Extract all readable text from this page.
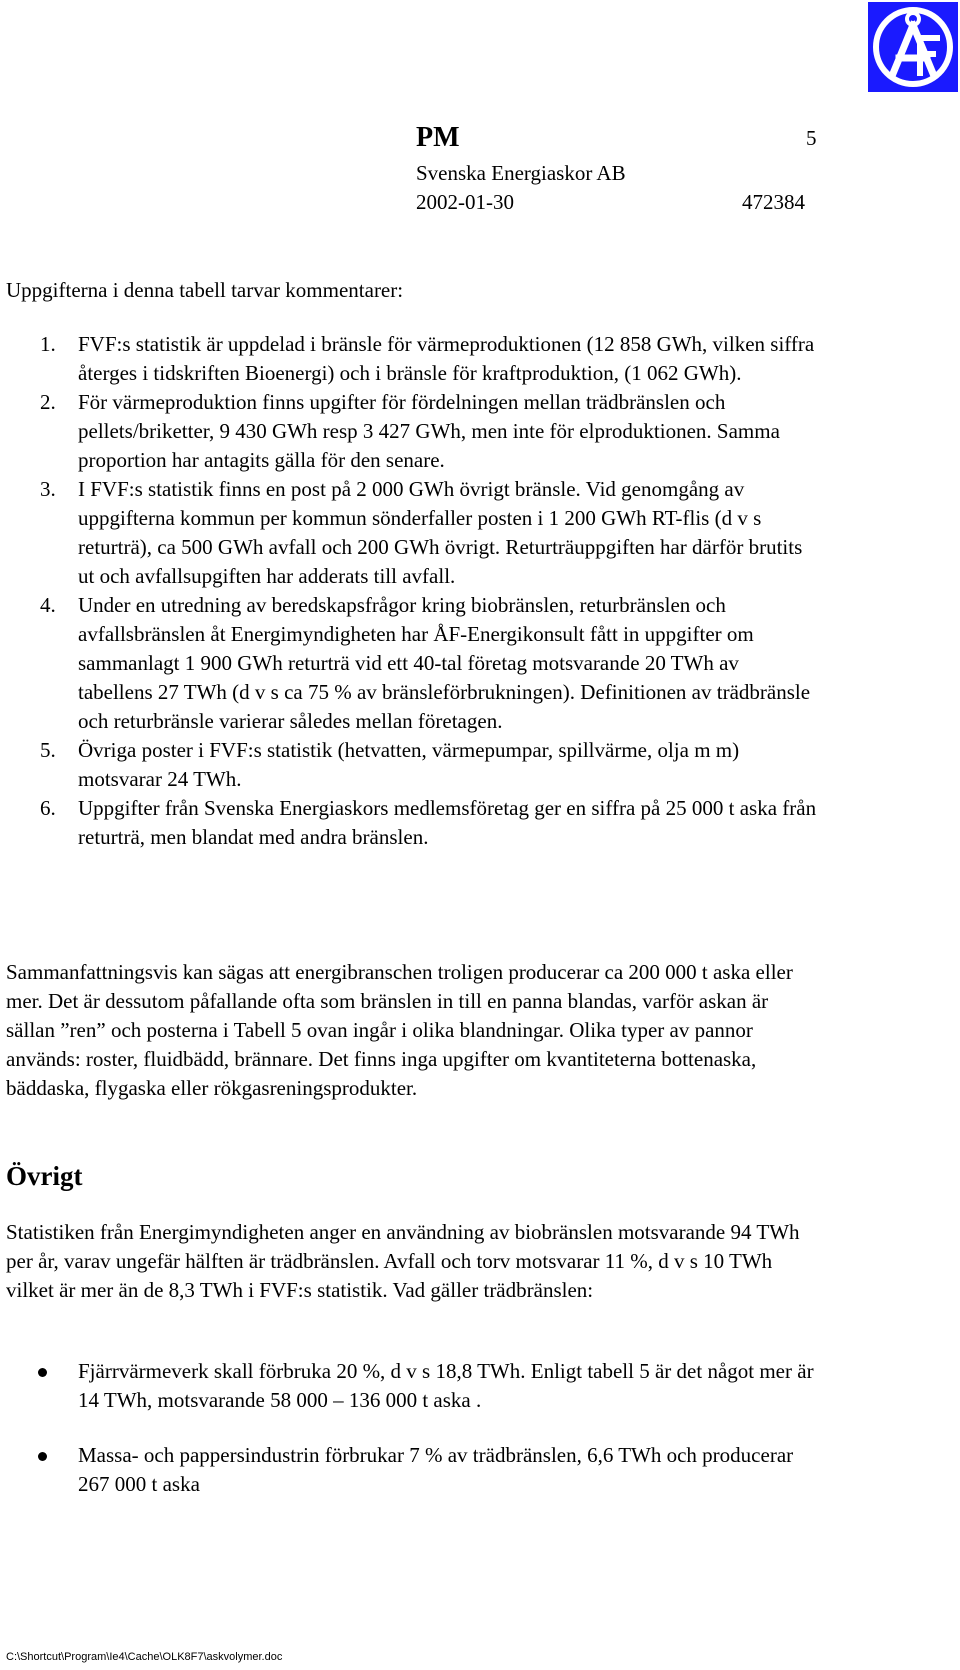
PM	5
Svenska Energiaskor AB
2002-01-30	472384

Uppgifterna i denna tabell tarvar kommentarer:

1. FVF:s statistik är uppdelad i bränsle för värmeproduktionen (12 858 GWh, vilken siffra återges i tidskriften Bioenergi) och i bränsle för kraftproduktion, (1 062 GWh).
2. För värmeproduktion finns upgifter för fördelningen mellan trädbränslen och pellets/briketter, 9 430 GWh resp 3 427 GWh, men inte för elproduktionen. Samma proportion har antagits gälla för den senare.
3. I FVF:s statistik finns en post på 2 000 GWh övrigt bränsle. Vid genomgång av uppgifterna kommun per kommun sönderfaller posten i 1 200 GWh RT-flis (d v s returträ), ca 500 GWh avfall och 200 GWh övrigt. Returträuppgiften har därför brutits ut och avfallsupgiften har adderats till avfall.
4. Under en utredning av beredskapsfrågor kring biobränslen, returbränslen och avfallsbränslen åt Energimyndigheten har ÅF-Energikonsult fått in uppgifter om sammanlagt 1 900 GWh returträ vid ett 40-tal företag motsvarande 20 TWh av tabellens 27 TWh (d v s ca 75 % av bränsleförbrukningen). Definitionen av trädbränsle och returbränsle varierar således mellan företagen.
5. Övriga poster i FVF:s statistik (hetvatten, värmepumpar, spillvärme, olja m m) motsvarar 24 TWh.
6. Uppgifter från Svenska Energiaskors medlemsföretag ger en siffra på 25 000 t aska från returträ, men blandat med andra bränslen.

Sammanfattningsvis kan sägas att energibranschen troligen producerar ca 200 000 t aska eller mer. Det är dessutom påfallande ofta som bränslen in till en panna blandas, varför askan är sällan ”ren” och posterna i Tabell 5 ovan ingår i olika blandningar. Olika typer av pannor används: roster, fluidbädd, brännare. Det finns inga upgifter om kvantiteterna bottenaska, bäddaska, flygaska eller rökgasreningsprodukter.

Övrigt

Statistiken från Energimyndigheten anger en användning av biobränslen motsvarande 94 TWh per år, varav ungefär hälften är trädbränslen. Avfall och torv motsvarar 11 %, d v s 10 TWh vilket är mer än de 8,3 TWh i FVF:s statistik. Vad gäller trädbränslen:

Fjärrvärmeverk skall förbruka 20 %, d v s 18,8 TWh. Enligt tabell 5 är det något mer är 14 TWh, motsvarande 58 000 – 136 000 t aska .
Massa- och pappersindustrin förbrukar 7 % av trädbränslen, 6,6 TWh och producerar 267 000 t aska
C:\Shortcut\Program\Ie4\Cache\OLK8F7\askvolymer.doc
